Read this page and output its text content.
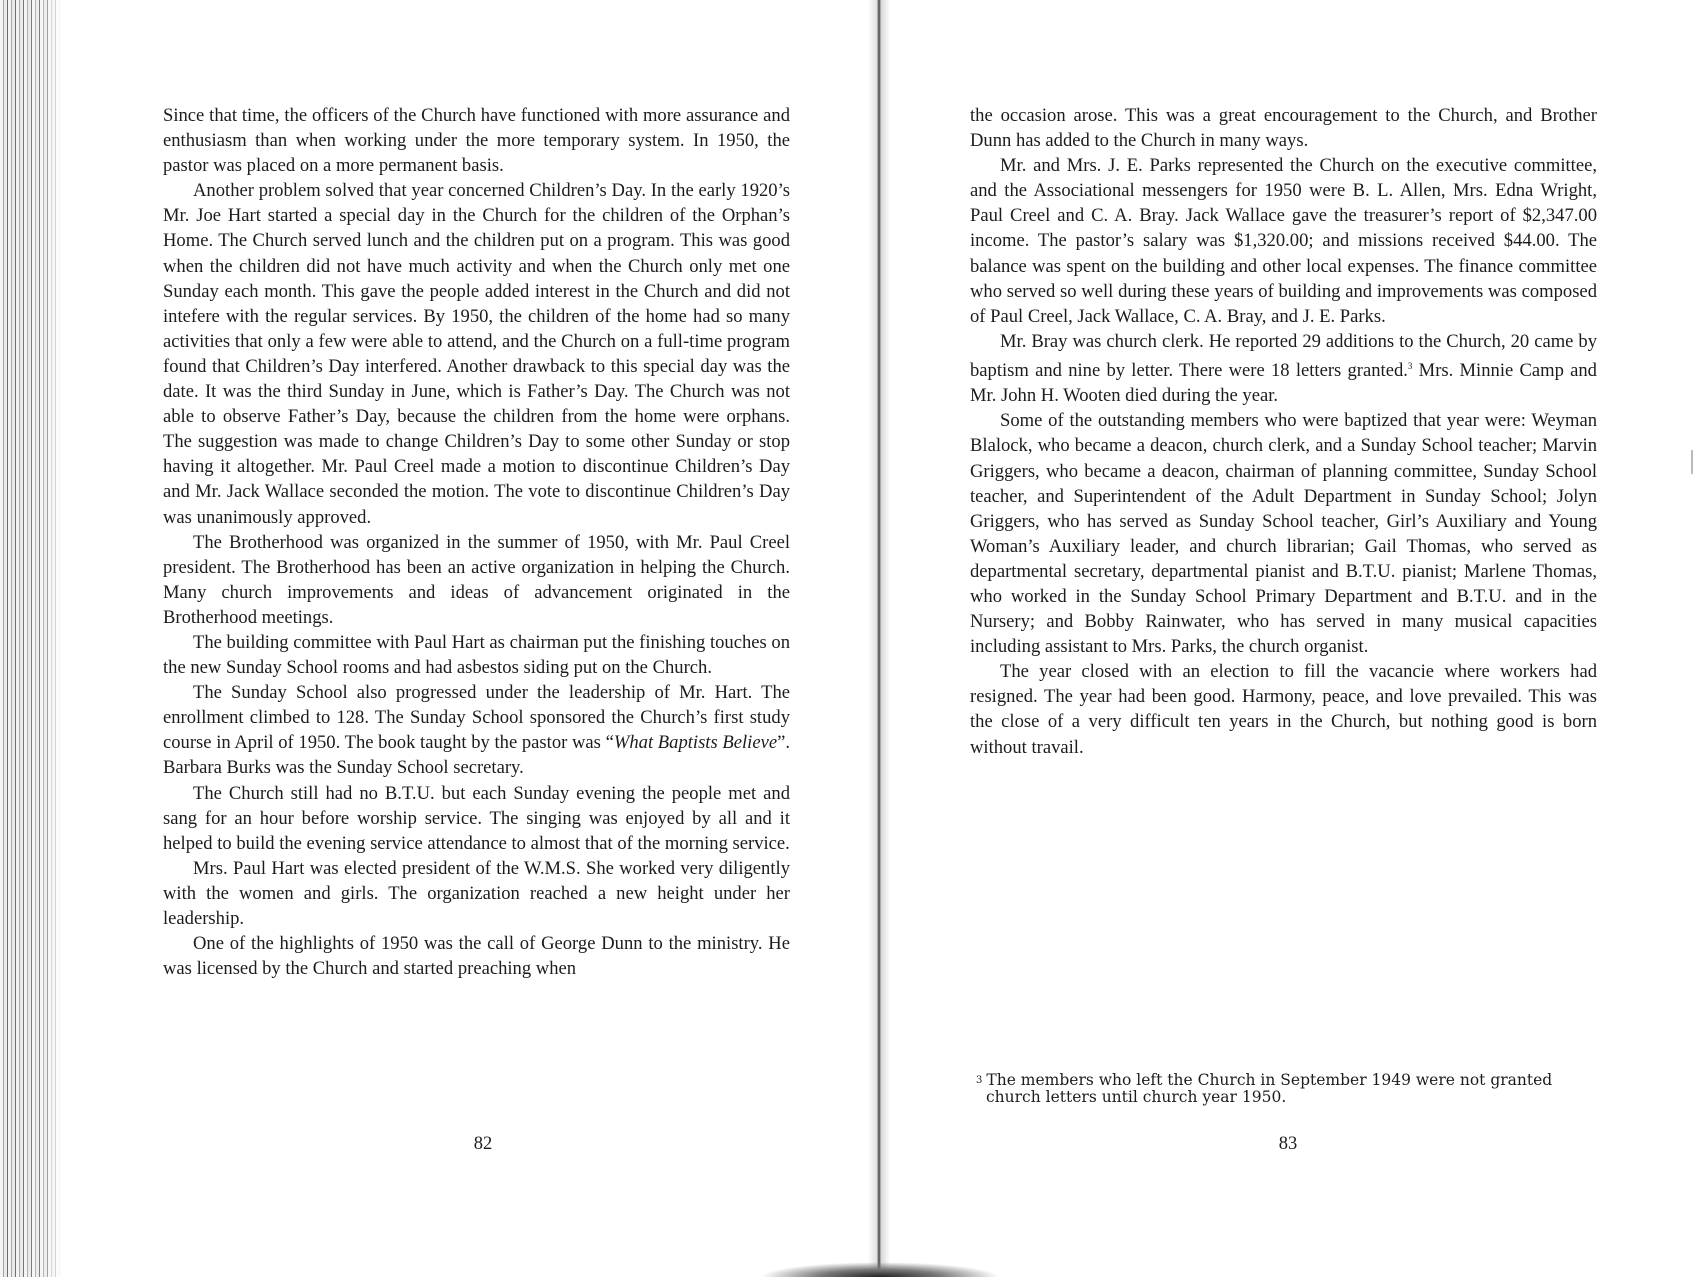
Since that time, the officers of the Church have functioned with more assurance and enthusiasm than when working under the more temporary system. In 1950, the pastor was placed on a more permanent basis.

Another problem solved that year concerned Children’s Day. In the early 1920’s Mr. Joe Hart started a special day in the Church for the children of the Orphan’s Home. The Church served lunch and the children put on a program. This was good when the children did not have much activity and when the Church only met one Sunday each month. This gave the people added interest in the Church and did not intefere with the regular services. By 1950, the children of the home had so many activities that only a few were able to attend, and the Church on a full-time program found that Children’s Day interfered. Another drawback to this special day was the date. It was the third Sunday in June, which is Father’s Day. The Church was not able to observe Father’s Day, because the children from the home were orphans. The suggestion was made to change Children’s Day to some other Sunday or stop having it altogether. Mr. Paul Creel made a motion to discontinue Children’s Day and Mr. Jack Wallace seconded the motion. The vote to discontinue Children’s Day was unanimously approved.

The Brotherhood was organized in the summer of 1950, with Mr. Paul Creel president. The Brotherhood has been an active organization in helping the Church. Many church improvements and ideas of advancement originated in the Brotherhood meetings.

The building committee with Paul Hart as chairman put the finishing touches on the new Sunday School rooms and had asbestos siding put on the Church.

The Sunday School also progressed under the leadership of Mr. Hart. The enrollment climbed to 128. The Sunday School sponsored the Church’s first study course in April of 1950. The book taught by the pastor was “What Baptists Believe”. Barbara Burks was the Sunday School secretary.

The Church still had no B.T.U. but each Sunday evening the people met and sang for an hour before worship service. The singing was enjoyed by all and it helped to build the evening service attendance to almost that of the morning service.

Mrs. Paul Hart was elected president of the W.M.S. She worked very diligently with the women and girls. The organization reached a new height under her leadership.

One of the highlights of 1950 was the call of George Dunn to the ministry. He was licensed by the Church and started preaching when

82

the occasion arose. This was a great encouragement to the Church, and Brother Dunn has added to the Church in many ways.

Mr. and Mrs. J. E. Parks represented the Church on the executive committee, and the Associational messengers for 1950 were B. L. Allen, Mrs. Edna Wright, Paul Creel and C. A. Bray. Jack Wallace gave the treasurer’s report of $2,347.00 income. The pastor’s salary was $1,320.00; and missions received $44.00. The balance was spent on the building and other local expenses. The finance committee who served so well during these years of building and improvements was composed of Paul Creel, Jack Wallace, C. A. Bray, and J. E. Parks.

Mr. Bray was church clerk. He reported 29 additions to the Church, 20 came by baptism and nine by letter. There were 18 letters granted.$^3$ Mrs. Minnie Camp and Mr. John H. Wooten died during the year.

Some of the outstanding members who were baptized that year were: Weyman Blalock, who became a deacon, church clerk, and a Sunday School teacher; Marvin Griggers, who became a deacon, chairman of planning committee, Sunday School teacher, and Superintendent of the Adult Department in Sunday School; Jolyn Griggers, who has served as Sunday School teacher, Girl’s Auxiliary and Young Woman’s Auxiliary leader, and church librarian; Gail Thomas, who served as departmental secretary, departmental pianist and B.T.U. pianist; Marlene Thomas, who worked in the Sunday School Primary Department and B.T.U. and in the Nursery; and Bobby Rainwater, who has served in many musical capacities including assistant to Mrs. Parks, the church organist.

The year closed with an election to fill the vacancie where workers had resigned. The year had been good. Harmony, peace, and love prevailed. This was the close of a very difficult ten years in the Church, but nothing good is born without travail.

$^3$ The members who left the Church in September 1949 were not granted
church letters until church year 1950.
83
